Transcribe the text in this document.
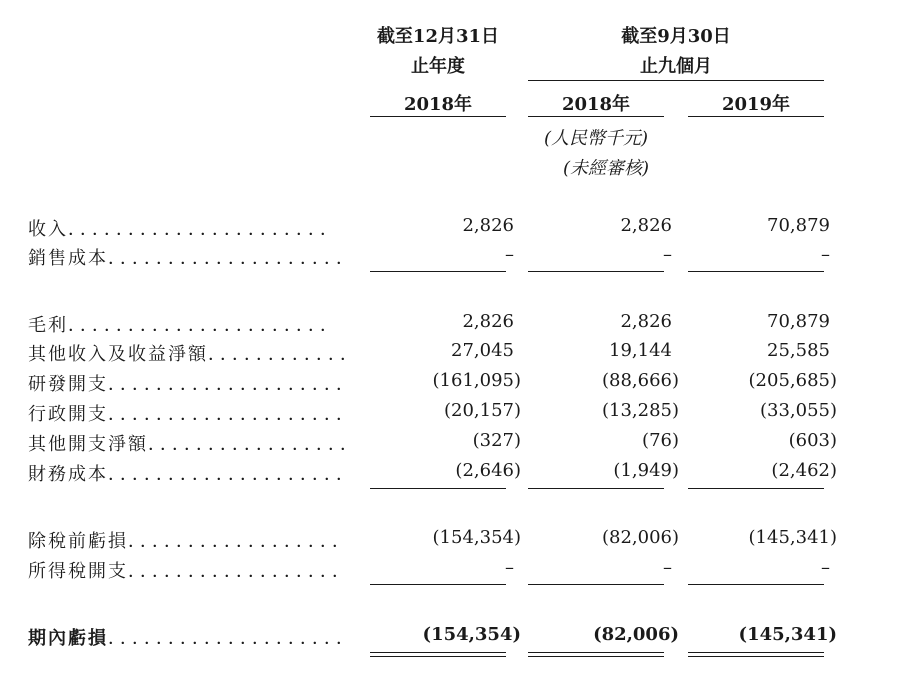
截至12月31日
止年度
截至9月30日
止九個月
2018年	2018年	2019年
(人民幣千元)
(未經審核)
收入．．．．．．．．．．．．．．．．．．．．．．	2,826	2,826	70,879
銷售成本．．．．．．．．．．．．．．．．．．．．	–	–	–
毛利．．．．．．．．．．．．．．．．．．．．．．	2,826	2,826	70,879
其他收入及收益淨額．．．．．．．．．．．．	27,045	19,144	25,585
研發開支．．．．．．．．．．．．．．．．．．．．	(161,095)	(88,666)	(205,685)
行政開支．．．．．．．．．．．．．．．．．．．．	(20,157)	(13,285)	(33,055)
其他開支淨額．．．．．．．．．．．．．．．．．	(327)	(76)	(603)
財務成本．．．．．．．．．．．．．．．．．．．．	(2,646)	(1,949)	(2,462)
除稅前虧損．．．．．．．．．．．．．．．．．．	(154,354)	(82,006)	(145,341)
所得稅開支．．．．．．．．．．．．．．．．．．	–	–	–
期內虧損．．．．．．．．．．．．．．．．．．．．	(154,354)	(82,006)	(145,341)
